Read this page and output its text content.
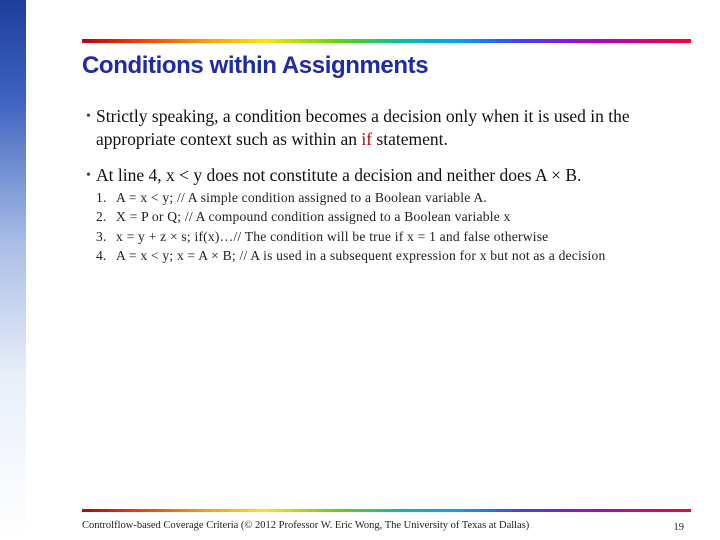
Conditions within Assignments
• Strictly speaking, a condition becomes a decision only when it is used in the appropriate context such as within an if statement.
• At line 4, x < y does not constitute a decision and neither does A × B.
1. A = x < y; // A simple condition assigned to a Boolean variable A.
2. X = P or Q; // A compound condition assigned to a Boolean variable x
3. x = y + z × s; if(x)…// The condition will be true if x = 1 and false otherwise
4. A = x < y; x = A × B; // A is used in a subsequent expression for x but not as a decision
Controlflow-based Coverage Criteria (© 2012 Professor W. Eric Wong, The University of Texas at Dallas)	19
